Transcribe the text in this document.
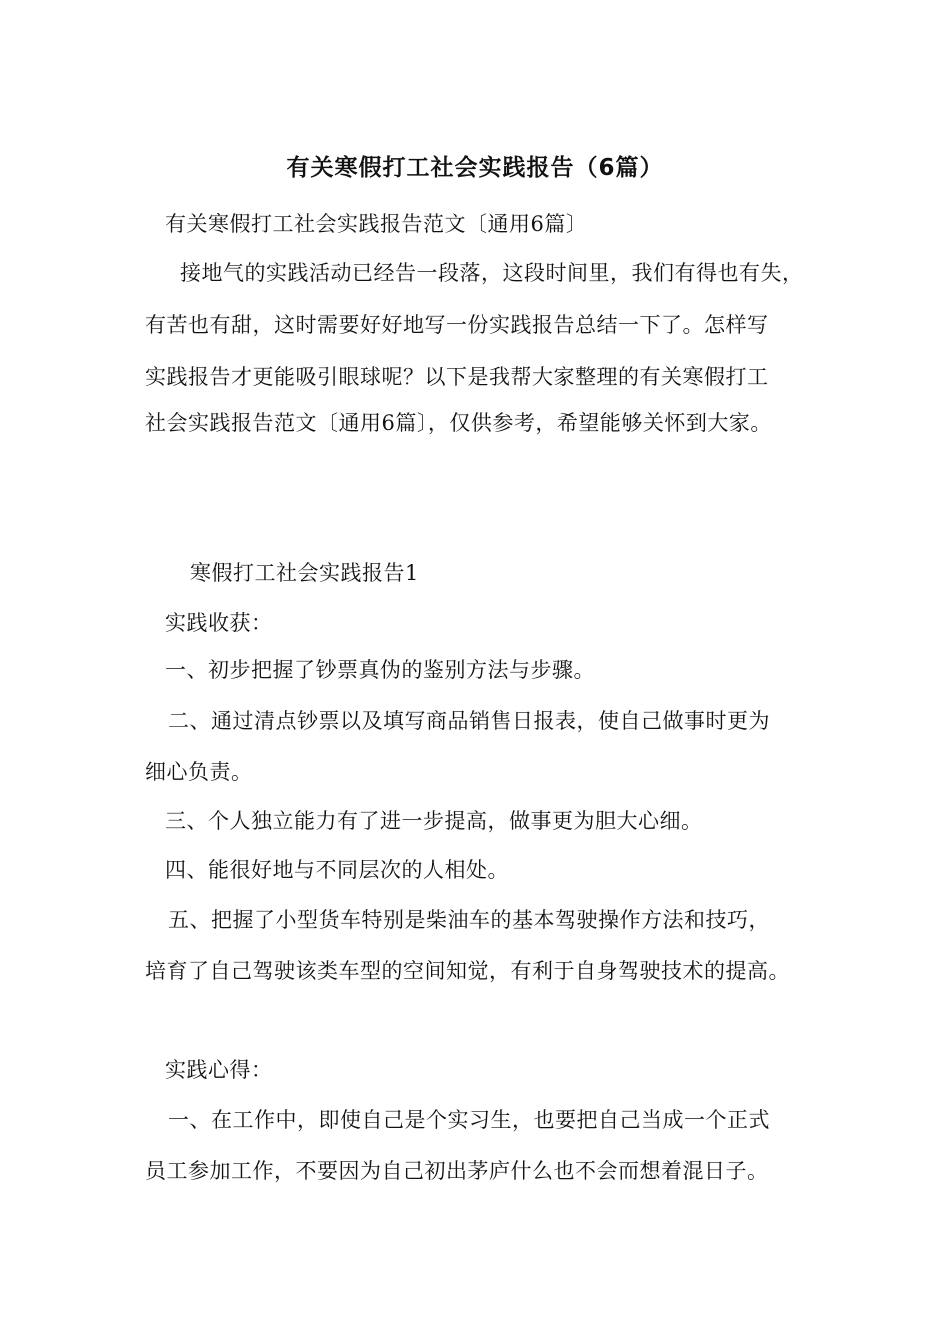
有关寒假打工社会实践报告（6篇）
有关寒假打工社会实践报告范文〔通用6篇〕
接地气的实践活动已经告一段落，这段时间里，我们有得也有失，
有苦也有甜，这时需要好好地写一份实践报告总结一下了。怎样写
实践报告才更能吸引眼球呢？以下是我帮大家整理的有关寒假打工
社会实践报告范文〔通用6篇〕，仅供参考，希望能够关怀到大家。
寒假打工社会实践报告1
实践收获：
一、初步把握了钞票真伪的鉴别方法与步骤。
二、通过清点钞票以及填写商品销售日报表，使自己做事时更为
细心负责。
三、个人独立能力有了进一步提高，做事更为胆大心细。
四、能很好地与不同层次的人相处。
五、把握了小型货车特别是柴油车的基本驾驶操作方法和技巧，
培育了自己驾驶该类车型的空间知觉，有利于自身驾驶技术的提高。
实践心得：
一、在工作中，即使自己是个实习生，也要把自己当成一个正式
员工参加工作，不要因为自己初出茅庐什么也不会而想着混日子。
